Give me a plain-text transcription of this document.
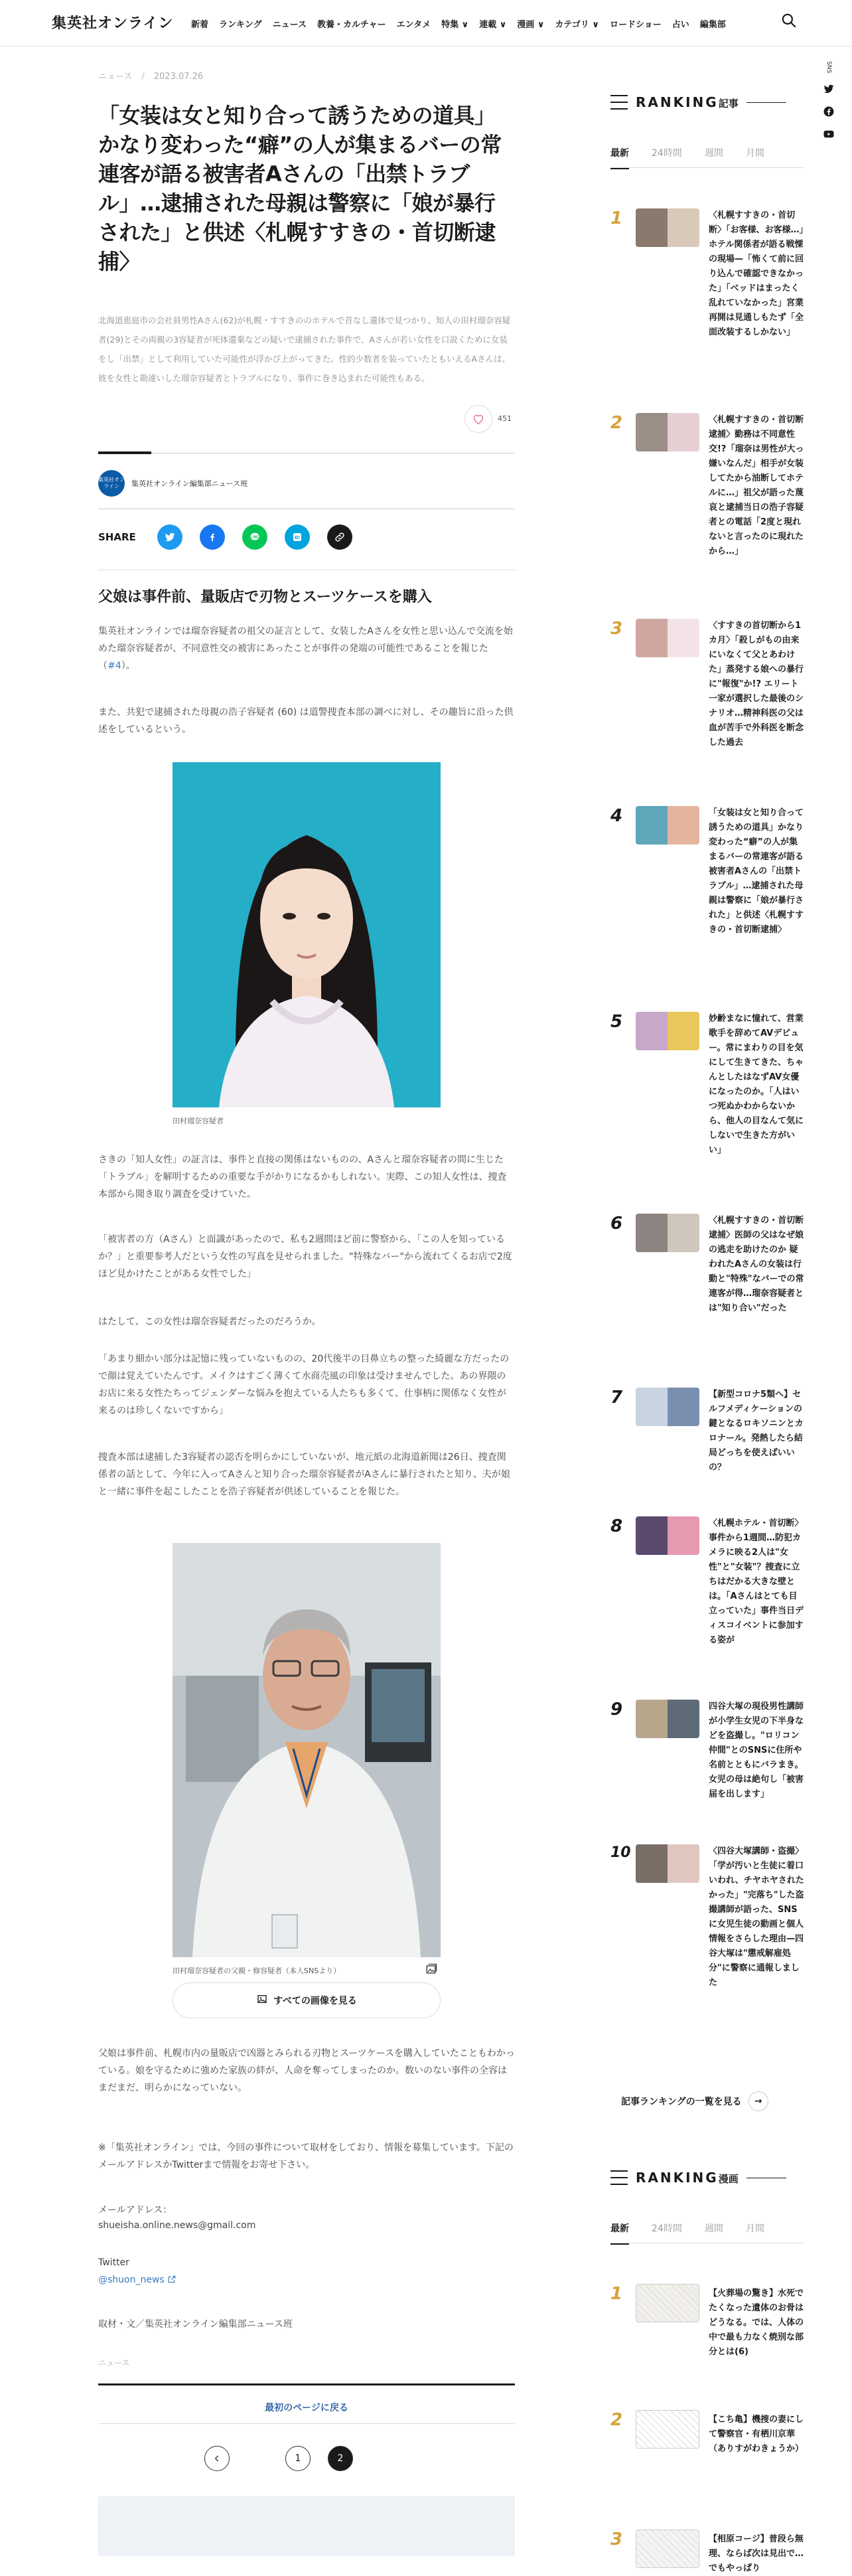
集英社オンライン 新着 ランキング ニュース 教養・カルチャー エンタメ 特集 ∨ 連載 ∨ 漫画 ∨ カテゴリ ∨ ロードショー 占い 編集部
SNS
ニュース / 2023.07.26
「女装は女と知り合って誘うための道具」かなり変わった“癖”の人が集まるバーの常連客が語る被害者Aさんの「出禁トラブル」…逮捕された母親は警察に「娘が暴行された」と供述〈札幌すすきの・首切断逮捕〉
北海道恵庭市の会社員男性Aさん(62)が札幌・すすきののホテルで首なし遺体で見つかり、知人の田村瑠奈容疑者(29)とその両親の3容疑者が死体遺棄などの疑いで逮捕された事件で、Aさんが若い女性を口説くために女装をし「出禁」として利用していた可能性が浮かび上がってきた。性的少数者を装っていたともいえるAさんは、彼を女性と勘違いした瑠奈容疑者とトラブルになり、事件に巻き込まれた可能性もある。
451
集英社オンライン	集英社オンライン編集部ニュース班
SHARE	LINE	B!
父娘は事件前、量販店で刃物とスーツケースを購入
集英社オンラインでは瑠奈容疑者の祖父の証言として、女装したAさんを女性と思い込んで交流を始めた瑠奈容疑者が、不同意性交の被害にあったことが事件の発端の可能性であることを報じた（#4）。
また、共犯で逮捕された母親の浩子容疑者 (60) は道警捜査本部の調べに対し、その趣旨に沿った供述をしているという。
田村瑠奈容疑者
さきの「知人女性」の証言は、事件と直接の関係はないものの、Aさんと瑠奈容疑者の間に生じた「トラブル」を解明するための重要な手がかりになるかもしれない。実際、この知人女性は、捜査本部から聞き取り調査を受けていた。
「被害者の方（Aさん）と面識があったので、私も2週間ほど前に警察から、「この人を知っているか？」と重要参考人だという女性の写真を見せられました。"特殊なバー"から流れてくるお店で2度ほど見かけたことがある女性でした」
はたして、この女性は瑠奈容疑者だったのだろうか。
「あまり細かい部分は記憶に残っていないものの、20代後半の目鼻立ちの整った綺麗な方だったので顔は覚えていたんです。メイクはすごく薄くて水商売風の印象は受けませんでした。あの界隈のお店に来る女性たちってジェンダーな悩みを抱えている人たちも多くて、仕事柄に関係なく女性が来るのは珍しくないですから」
捜査本部は逮捕した3容疑者の認否を明らかにしていないが、地元紙の北海道新聞は26日、捜査関係者の話として、今年に入ってAさんと知り合った瑠奈容疑者がAさんに暴行されたと知り、夫が娘と一緒に事件を起こしたことを浩子容疑者が供述していることを報じた。
田村瑠奈容疑者の父親・修容疑者（本人SNSより）
すべての画像を見る
父娘は事件前、札幌市内の量販店で凶器とみられる刃物とスーツケースを購入していたこともわかっている。娘を守るために強めた家族の絆が、人命を奪ってしまったのか。数いのない事件の全容はまだまだ、明らかになっていない。
※「集英社オンライン」では、今回の事件について取材をしており、情報を募集しています。下記のメールアドレスかTwitterまで情報をお寄せ下さい。
メールアドレス：
shueisha.online.news@gmail.com
Twitter
@shuon_news
取材・文／集英社オンライン編集部ニュース班
ニュース
最初のページに戻る
1	2
RANKING記事
最新 24時間 週間 月間
1	〈札幌すすきの・首切断〉「お客様、お客様…」ホテル関係者が語る戦慄の現場—「怖くて前に回り込んで確認できなかった」「ベッドはまったく乱れていなかった」宮業再開は見通しもたず「全面改装するしかない」
2	〈札幌すすきの・首切断逮捕〉勤務は不同意性交!?「瑠奈は男性が大っ嫌いなんだ」相手が女装してたから油断してホテルに…」祖父が語った蔑哀と逮捕当日の浩子容疑者との電話「2度と現れないと言ったのに現れたから…」
3	〈すすきの首切断から1カ月〉「殺しがもの由来にいなくて父とあわけた」蒸発する娘への暴行に"報復"か!? エリート一家が選択した最後のシナリオ…精神科医の父は血が苦手で外科医を断念した過去
4	「女装は女と知り合って誘うための道具」かなり変わった“癖”の人が集まるバーの常連客が語る被害者Aさんの「出禁トラブル」…逮捕された母親は警察に「娘が暴行された」と供述〈札幌すすきの・首切断逮捕〉
5	妙齢まなに憧れて、営業歌手を辞めてAVデビュー。常にまわりの目を気にして生きてきた、ちゃんとしたはなずAV女優になったのか。「人はいつ死ぬかわからないから、他人の目なんて気にしないで生きた方がいい」
6	〈札幌すすきの・首切断逮捕〉医師の父はなぜ娘の逃走を助けたのか 疑われたAさんの女装は行動と"特殊"なバーでの常連客が得…瑠奈容疑者とは"知り合い"だった
7	【新型コロナ5類へ】セルフメディケーションの鍵となるロキソニンとカロナール。発熱したら結局どっちを使えばいいの？
8	〈札幌ホテル・首切断〉事件から1週間…防犯カメラに映る2人は"女性"と"女装"？捜査に立ちはだかる大きな壁とは。「Aさんはとても目立っていた」事件当日ディスコイベントに参加する姿が
9	四谷大塚の現役男性講師が小学生女児の下半身などを盗撮し。"ロリコン仲間"とのSNSに住所や名前とともにバラまき。女児の母は絶句し「被害届を出します」
10	〈四谷大塚講師・盗撮〉「学が汚いと生徒に着口いわれ、チヤホヤされたかった」"完落ち"した盗撮講師が語った、SNSに女児生徒の動画と個人情報をさらした理由—四谷大塚は"懲戒解雇処分"に警察に通報しました
記事ランキングの一覧を見る	→
RANKING漫画
最新 24時間 週間 月間
1	【火葬場の驚き】水死でたくなった遺体のお骨はどうなる。では、人体の中で最も力なく焼別な部分とは(6)
2	【こち亀】機捜の妻にして警察官・有栖川京華（ありすがわきょうか）
3	【相原コージ】普段ら無理、ならば次は見出で…でもやっぱり
